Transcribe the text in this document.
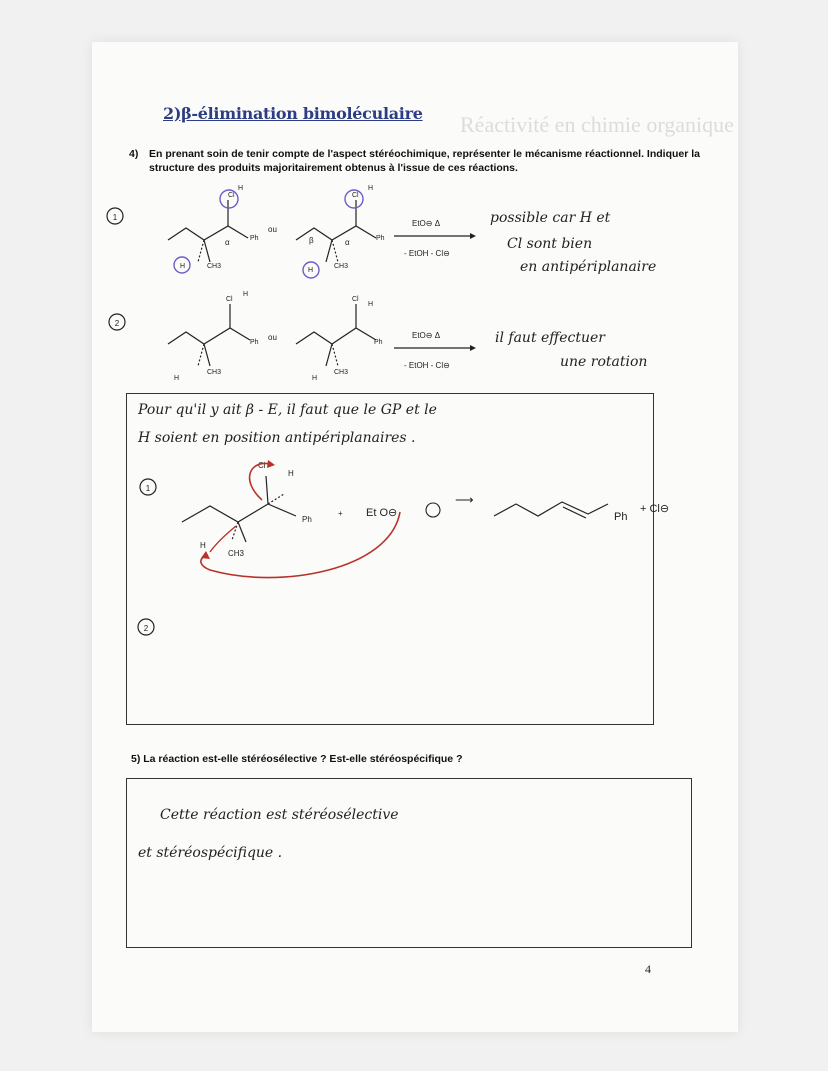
Réactivité en chimie organique
2)β-élimination bimoléculaire
4) En prenant soin de tenir compte de l'aspect stéréochimique, représenter le mécanisme réactionnel. Indiquer la structure des produits majoritairement obtenus à l'issue de ces réactions.
1
Cl
H
Ph
CH3
H
α
ou
Cl
H
Ph
CH3
H
β	α
EtO⊖ Δ
- EtOH - Cl⊖
2
Cl
H
Ph
CH3
H
ou
Cl
H
Ph
CH3
H
EtO⊖ Δ
- EtOH - Cl⊖
possible car H et
Cl sont bien
en antipériplanaire
il faut effectuer
une rotation
Pour qu'il y ait β - E, il faut que le GP et le
H soient en position antipériplanaires .
1
Cl
H
Ph
CH3
H
+ Et O⊖
⟶
Ph
+ Cl⊖
2
5) La réaction est-elle stéréosélective ? Est-elle stéréospécifique ?
Cette réaction est stéréosélective
et stéréospécifique .
4
